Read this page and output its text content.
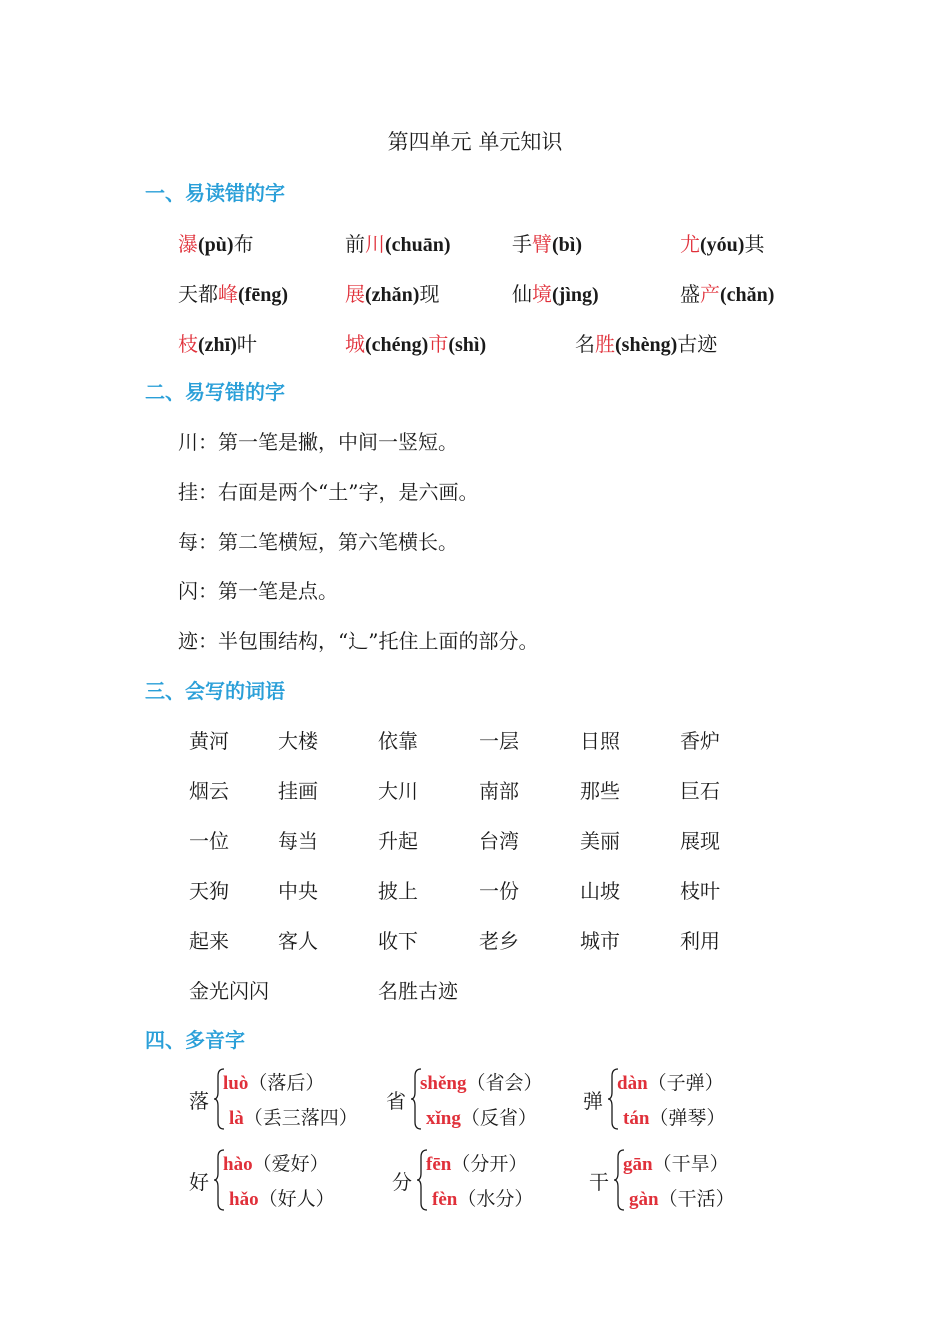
第四单元 单元知识
一、易读错的字
瀑(pù)布	前川(chuān)	手臂(bì)	尤(yóu)其
天都峰(fēng)	展(zhǎn)现	仙境(jìng)	盛产(chǎn)
枝(zhī)叶	城(chéng)市(shì)	名胜(shèng)古迹
二、易写错的字
川：第一笔是撇，中间一竖短。
挂：右面是两个“土”字，是六画。
每：第二笔横短，第六笔横长。
闪：第一笔是点。
迹：半包围结构，“辶”托住上面的部分。
三、会写的词语
黄河 大楼	依靠	一层	日照	香炉
烟云 挂画	大川	南部	那些	巨石
一位 每当	升起	台湾	美丽	展现
天狗 中央	披上	一份	山坡	枝叶
起来 客人	收下	老乡	城市	利用
金光闪闪	名胜古迹
四、多音字
落
luò（落后）
là（丢三落四）
省
shěng（省会）
xǐng（反省）
弹
dàn（子弹）
tán（弹琴）
好
hào（爱好）
hǎo（好人）
分
fēn（分开）
fèn（水分）
干
gān（干旱）
gàn（干活）
